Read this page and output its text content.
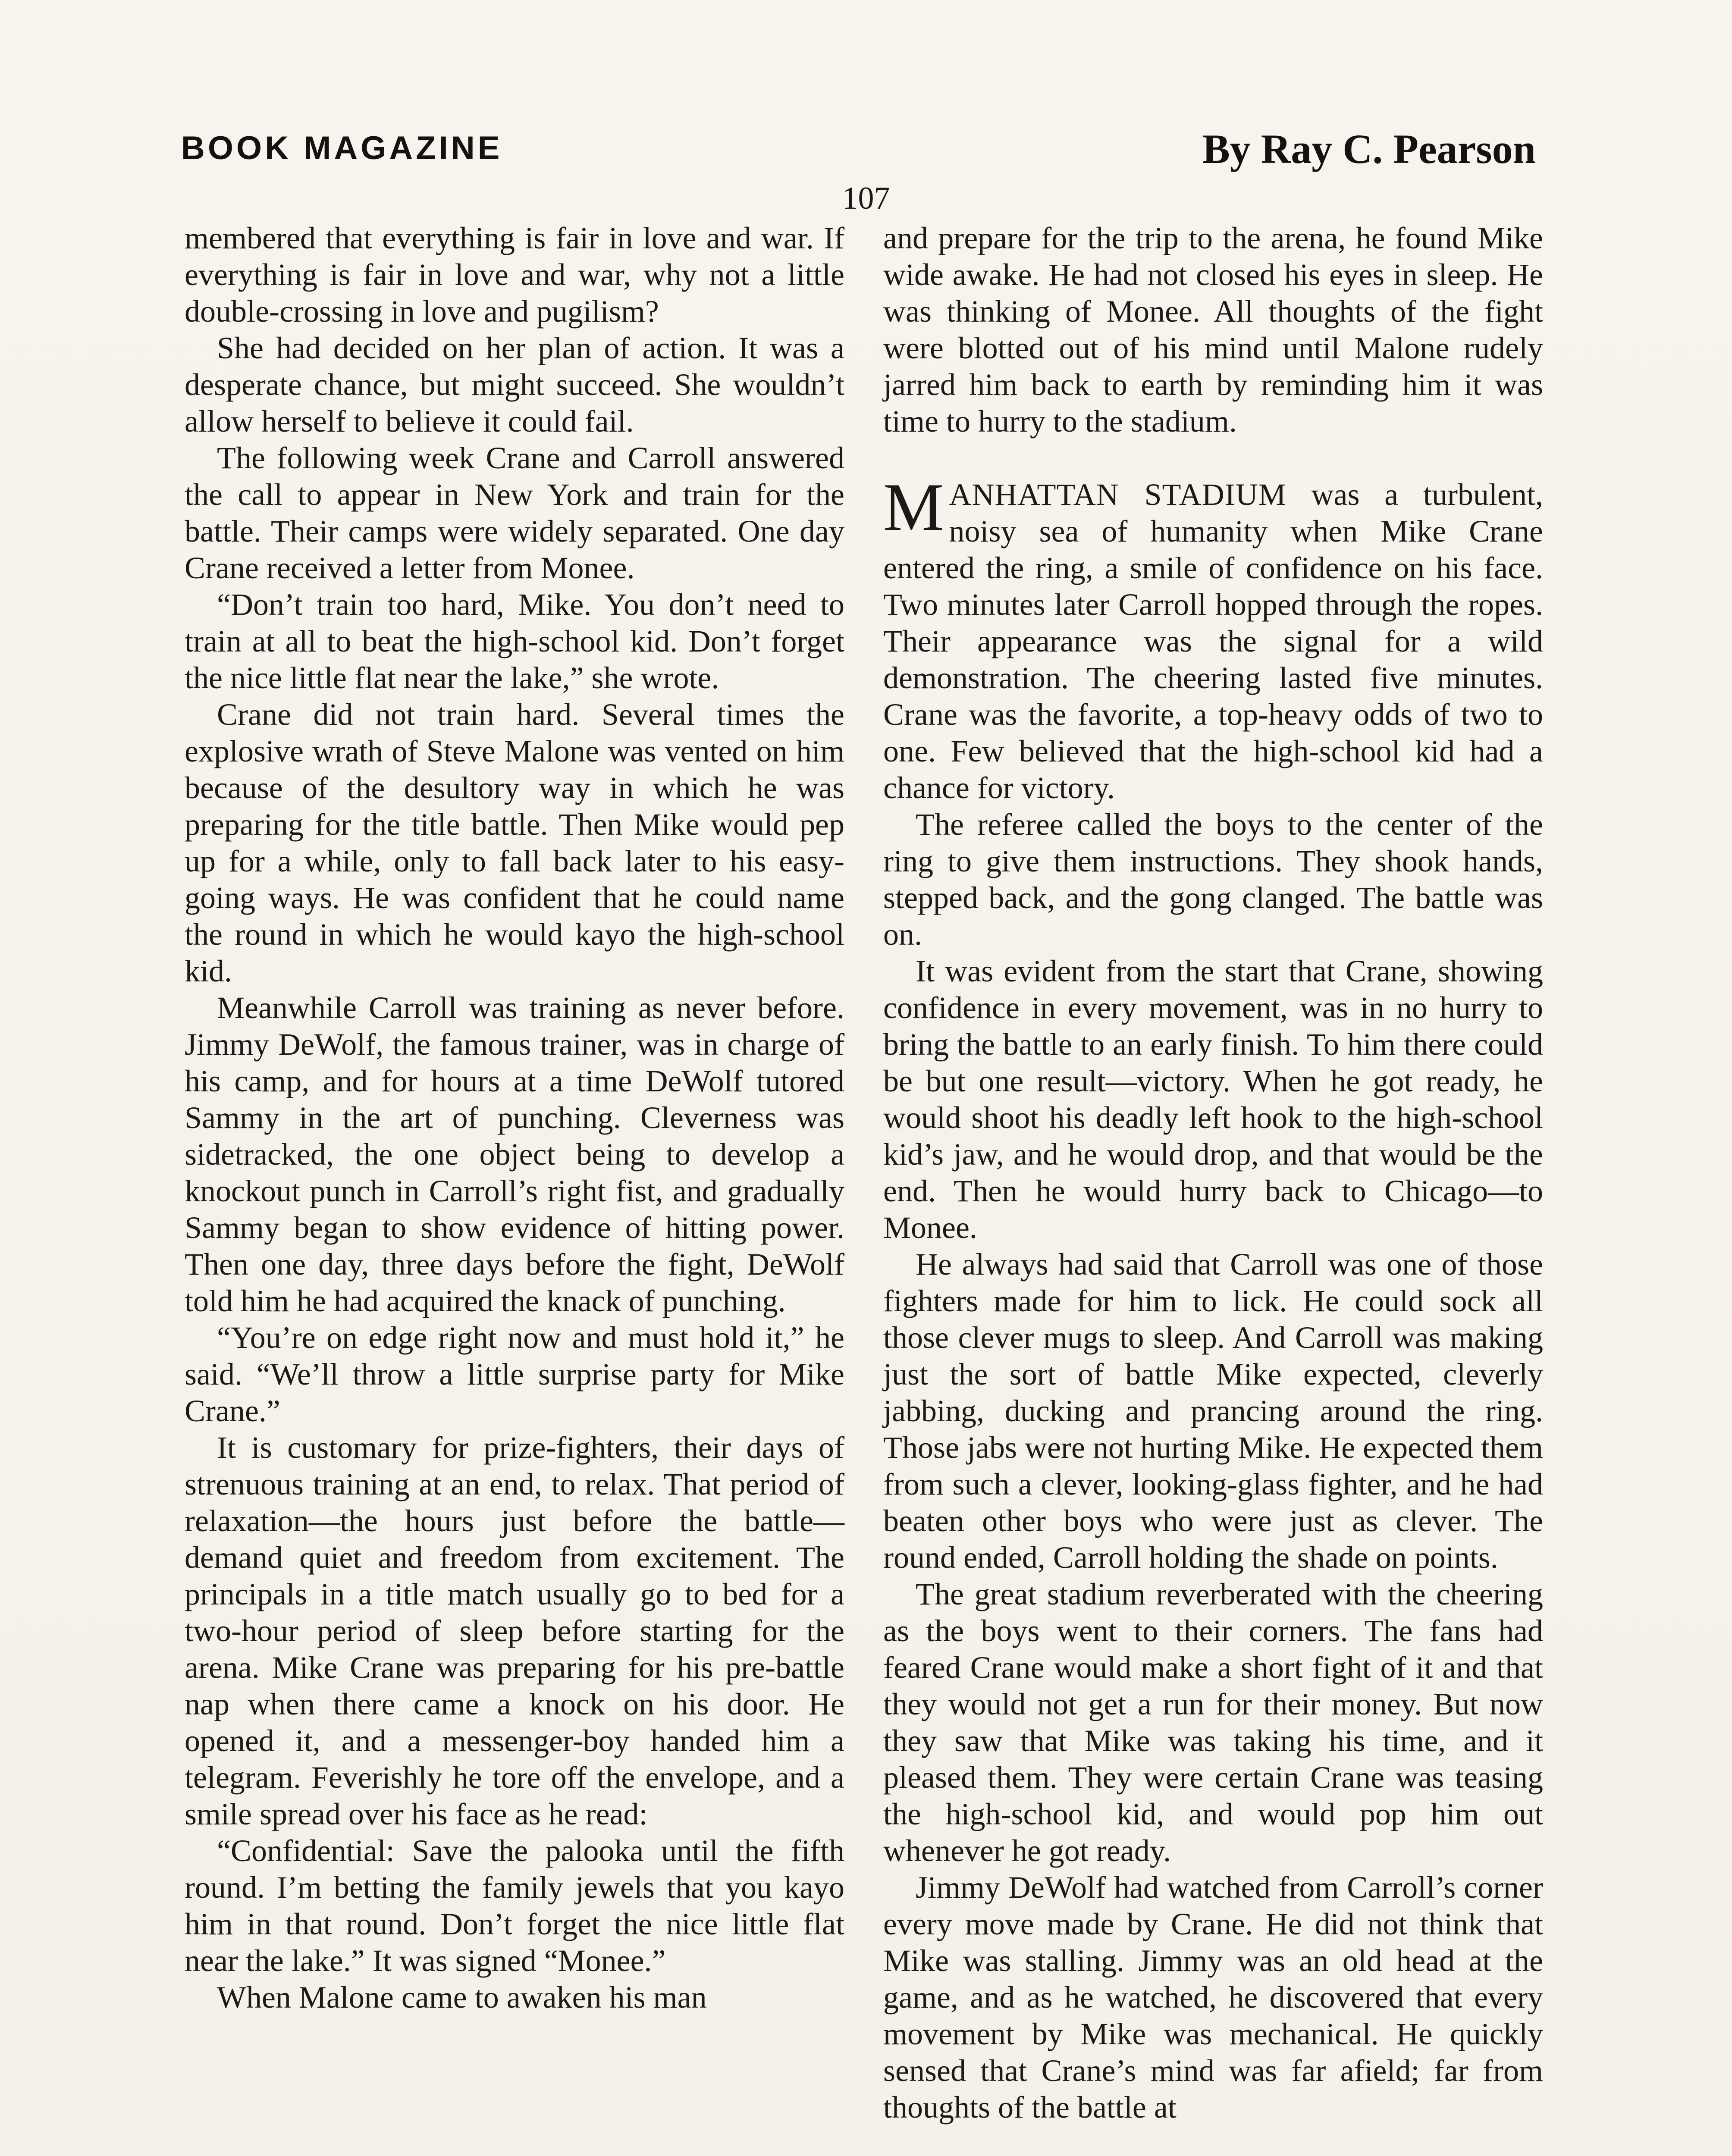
BOOK MAGAZINE	By Ray C. Pearson
107

membered that everything is fair in love and war. If everything is fair in love and war, why not a little double-crossing in love and pugilism?

She had decided on her plan of action. It was a desperate chance, but might succeed. She wouldn’t allow herself to believe it could fail.

The following week Crane and Carroll answered the call to appear in New York and train for the battle. Their camps were widely separated. One day Crane received a letter from Monee.

“Don’t train too hard, Mike. You don’t need to train at all to beat the high-school kid. Don’t forget the nice little flat near the lake,” she wrote.

Crane did not train hard. Several times the explosive wrath of Steve Malone was vented on him because of the desultory way in which he was preparing for the title battle. Then Mike would pep up for a while, only to fall back later to his easy-going ways. He was confident that he could name the round in which he would kayo the high-school kid.

Meanwhile Carroll was training as never before. Jimmy DeWolf, the famous trainer, was in charge of his camp, and for hours at a time DeWolf tutored Sammy in the art of punching. Cleverness was sidetracked, the one object being to develop a knockout punch in Carroll’s right fist, and gradually Sammy began to show evidence of hitting power. Then one day, three days before the fight, DeWolf told him he had acquired the knack of punching.

“You’re on edge right now and must hold it,” he said. “We’ll throw a little surprise party for Mike Crane.”

It is customary for prize-fighters, their days of strenuous training at an end, to relax. That period of relaxation—the hours just before the battle—demand quiet and freedom from excitement. The principals in a title match usually go to bed for a two-hour period of sleep before starting for the arena. Mike Crane was preparing for his pre-battle nap when there came a knock on his door. He opened it, and a messenger-boy handed him a telegram. Feverishly he tore off the envelope, and a smile spread over his face as he read:

“Confidential: Save the palooka until the fifth round. I’m betting the family jewels that you kayo him in that round. Don’t forget the nice little flat near the lake.” It was signed “Monee.”

When Malone came to awaken his man

and prepare for the trip to the arena, he found Mike wide awake. He had not closed his eyes in sleep. He was thinking of Monee. All thoughts of the fight were blotted out of his mind until Malone rudely jarred him back to earth by reminding him it was time to hurry to the stadium.

MANHATTAN STADIUM was a turbulent, noisy sea of humanity when Mike Crane entered the ring, a smile of confidence on his face. Two minutes later Carroll hopped through the ropes. Their appearance was the signal for a wild demonstration. The cheering lasted five minutes. Crane was the favorite, a top-heavy odds of two to one. Few believed that the high-school kid had a chance for victory.

The referee called the boys to the center of the ring to give them instructions. They shook hands, stepped back, and the gong clanged. The battle was on.

It was evident from the start that Crane, showing confidence in every movement, was in no hurry to bring the battle to an early finish. To him there could be but one result—victory. When he got ready, he would shoot his deadly left hook to the high-school kid’s jaw, and he would drop, and that would be the end. Then he would hurry back to Chicago—to Monee.

He always had said that Carroll was one of those fighters made for him to lick. He could sock all those clever mugs to sleep. And Carroll was making just the sort of battle Mike expected, cleverly jabbing, ducking and prancing around the ring. Those jabs were not hurting Mike. He expected them from such a clever, looking-glass fighter, and he had beaten other boys who were just as clever. The round ended, Carroll holding the shade on points.

The great stadium reverberated with the cheering as the boys went to their corners. The fans had feared Crane would make a short fight of it and that they would not get a run for their money. But now they saw that Mike was taking his time, and it pleased them. They were certain Crane was teasing the high-school kid, and would pop him out whenever he got ready.

Jimmy DeWolf had watched from Carroll’s corner every move made by Crane. He did not think that Mike was stalling. Jimmy was an old head at the game, and as he watched, he discovered that every movement by Mike was mechanical. He quickly sensed that Crane’s mind was far afield; far from thoughts of the battle at
